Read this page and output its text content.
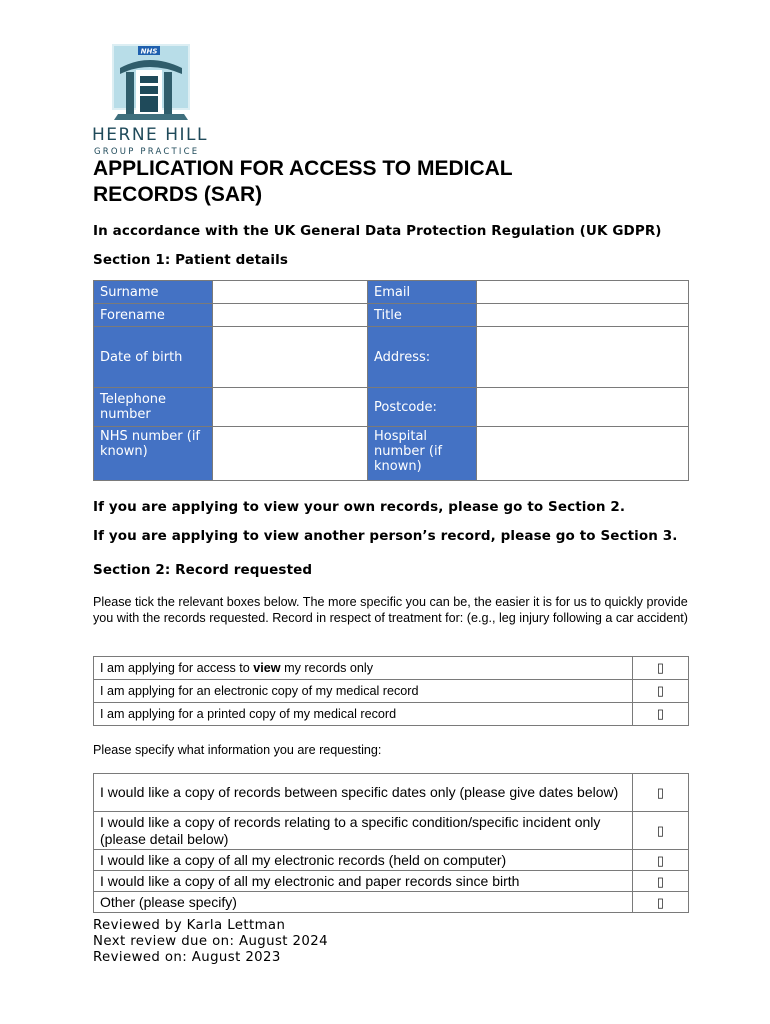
NHS
HERNE HILL
GROUP PRACTICE
APPLICATION FOR ACCESS TO MEDICAL
RECORDS (SAR)
In accordance with the UK General Data Protection Regulation (UK GDPR)
Section 1: Patient details
Surname		Email	
Forename		Title	
Date of birth		Address:	
Telephone number		Postcode:	
NHS number (if known)		Hospital number (if known)	
If you are applying to view your own records, please go to Section 2.
If you are applying to view another person’s record, please go to Section 3.
Section 2: Record requested
Please tick the relevant boxes below. The more specific you can be, the easier it is for us to quickly provide you with the records requested. Record in respect of treatment for: (e.g., leg injury following a car accident)
I am applying for access to view my records only	▯
I am applying for an electronic copy of my medical record	▯
I am applying for a printed copy of my medical record	▯
Please specify what information you are requesting:
I would like a copy of records between specific dates only (please give dates below)	▯
I would like a copy of records relating to a specific condition/specific incident only (please detail below)	▯
I would like a copy of all my electronic records (held on computer)	▯
I would like a copy of all my electronic and paper records since birth	▯
Other (please specify)	▯
Reviewed by Karla Lettman
Next review due on: August 2024
Reviewed on: August 2023
